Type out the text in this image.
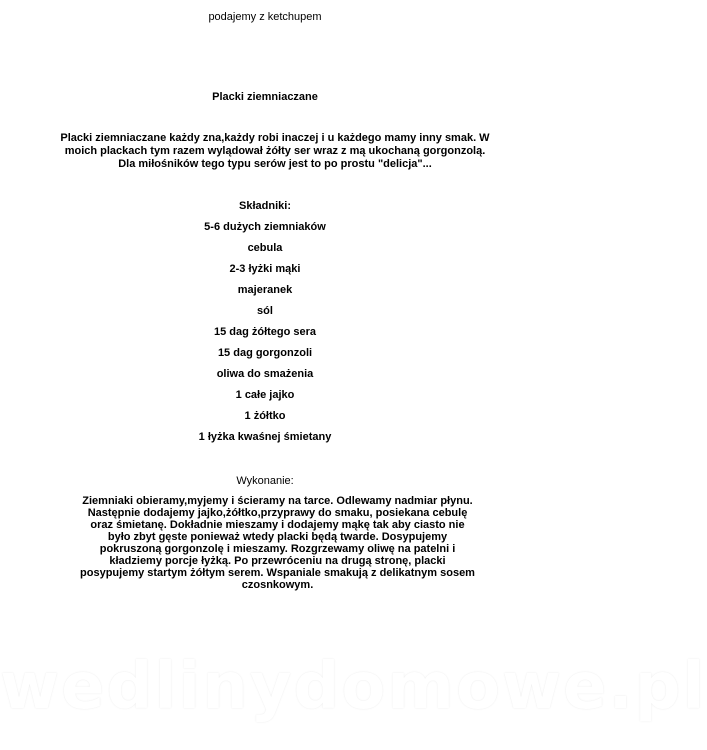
podajemy z ketchupem
Placki ziemniaczane
Placki ziemniaczane każdy zna,każdy robi inaczej i u każdego mamy inny smak. W moich plackach tym razem wylądował żółty ser wraz z mą ukochaną gorgonzolą. Dla miłośników tego typu serów jest to po prostu "delicja"...
Składniki:
5-6 dużych ziemniaków
cebula
2-3 łyżki mąki
majeranek
sól
15 dag żółtego sera
15 dag gorgonzoli
oliwa do smażenia
1 całe jajko
1 żółtko
1 łyżka kwaśnej śmietany
Wykonanie:
Ziemniaki obieramy,myjemy i ścieramy na tarce. Odlewamy nadmiar płynu. Następnie dodajemy jajko,żółtko,przyprawy do smaku, posiekana cebulę oraz śmietanę. Dokładnie mieszamy i dodajemy mąkę tak aby ciasto nie było zbyt gęste ponieważ wtedy placki będą twarde. Dosypujemy pokruszoną gorgonzolę i mieszamy. Rozgrzewamy oliwę na patelni i kładziemy porcje łyżką. Po przewróceniu na drugą stronę, placki posypujemy startym żółtym serem. Wspaniale smakują z delikatnym sosem czosnkowym.
wedlinydomowe.pl
